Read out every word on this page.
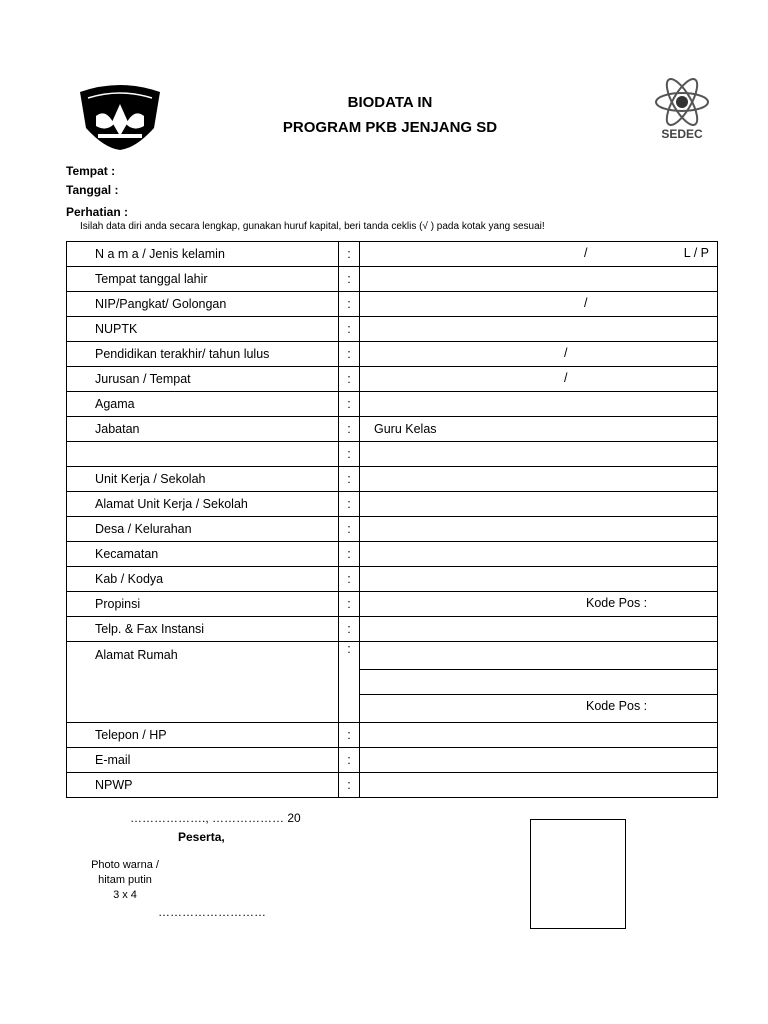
SEDEC
BIODATA IN
PROGRAM PKB JENJANG SD
Tempat :
Tanggal :
Perhatian :
Isilah data diri anda secara lengkap, gunakan huruf kapital, beri tanda ceklis (√ ) pada kotak yang sesuai!
N a m a / Jenis kelamin	:	/ L / P

Tempat tanggal lahir	:	
NIP/Pangkat/ Golongan	:	/

NUPTK	:	
Pendidikan terakhir/ tahun lulus	:	/

Jurusan / Tempat	:	/

Agama	:	
Jabatan	:	Guru Kelas
	:	
Unit Kerja / Sekolah	:	
Alamat Unit Kerja / Sekolah	:	
Desa / Kelurahan	:	
Kecamatan	:	
Kab / Kodya	:	
Propinsi	:	Kode Pos :

Telp. & Fax Instansi	:	
Alamat Rumah	:	Kode Pos :

Telepon / HP	:	
E-mail	:	
NPWP	:	
………………., ……………… 20
Peserta,
Photo warna /
hitam putin
3 x 4
………………………
